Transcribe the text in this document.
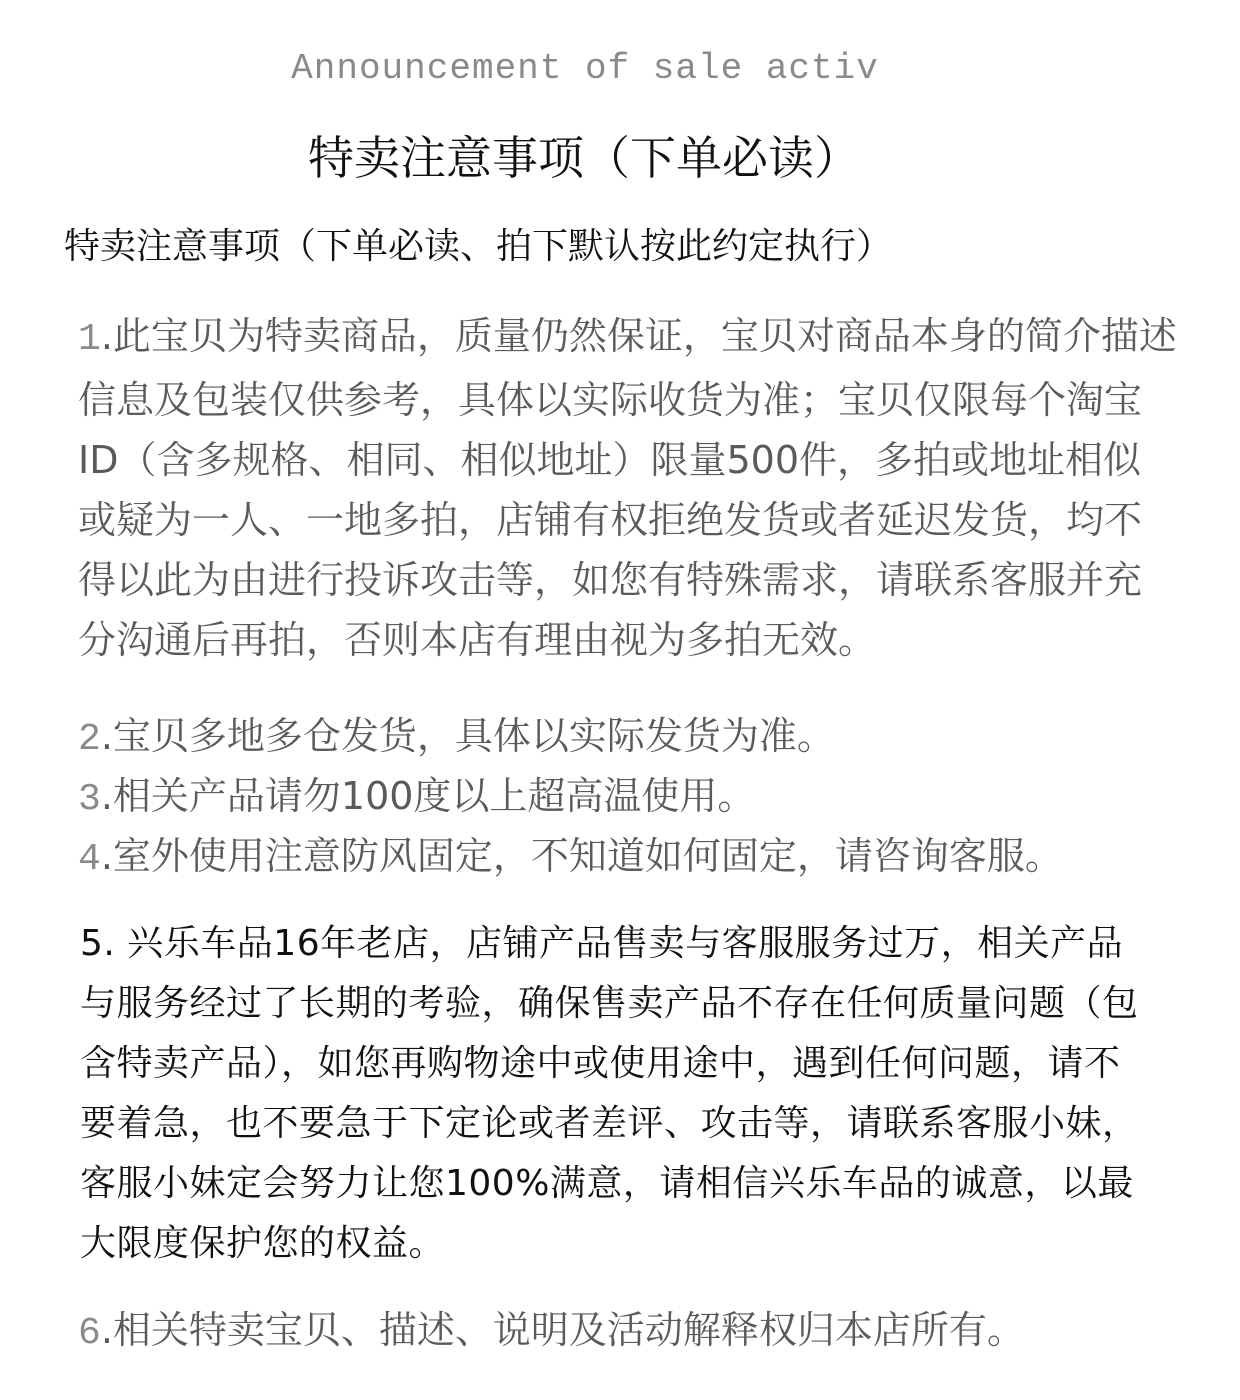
Announcement of sale activ
特卖注意事项（下单必读）
特卖注意事项（下单必读、拍下默认按此约定执行）
1.此宝贝为特卖商品，质量仍然保证，宝贝对商品本身的简介描述信息及包装仅供参考，具体以实际收货为准；宝贝仅限每个淘宝ID（含多规格、相同、相似地址）限量500件，多拍或地址相似或疑为一人、一地多拍，店铺有权拒绝发货或者延迟发货，均不得以此为由进行投诉攻击等，如您有特殊需求，请联系客服并充分沟通后再拍，否则本店有理由视为多拍无效。
2.宝贝多地多仓发货，具体以实际发货为准。
3.相关产品请勿100度以上超高温使用。
4.室外使用注意防风固定，不知道如何固定，请咨询客服。
5. 兴乐车品16年老店，店铺产品售卖与客服服务过万，相关产品与服务经过了长期的考验，确保售卖产品不存在任何质量问题（包含特卖产品），如您再购物途中或使用途中，遇到任何问题，请不要着急，也不要急于下定论或者差评、攻击等，请联系客服小妹，客服小妹定会努力让您100%满意，请相信兴乐车品的诚意，以最大限度保护您的权益。
6.相关特卖宝贝、描述、说明及活动解释权归本店所有。
